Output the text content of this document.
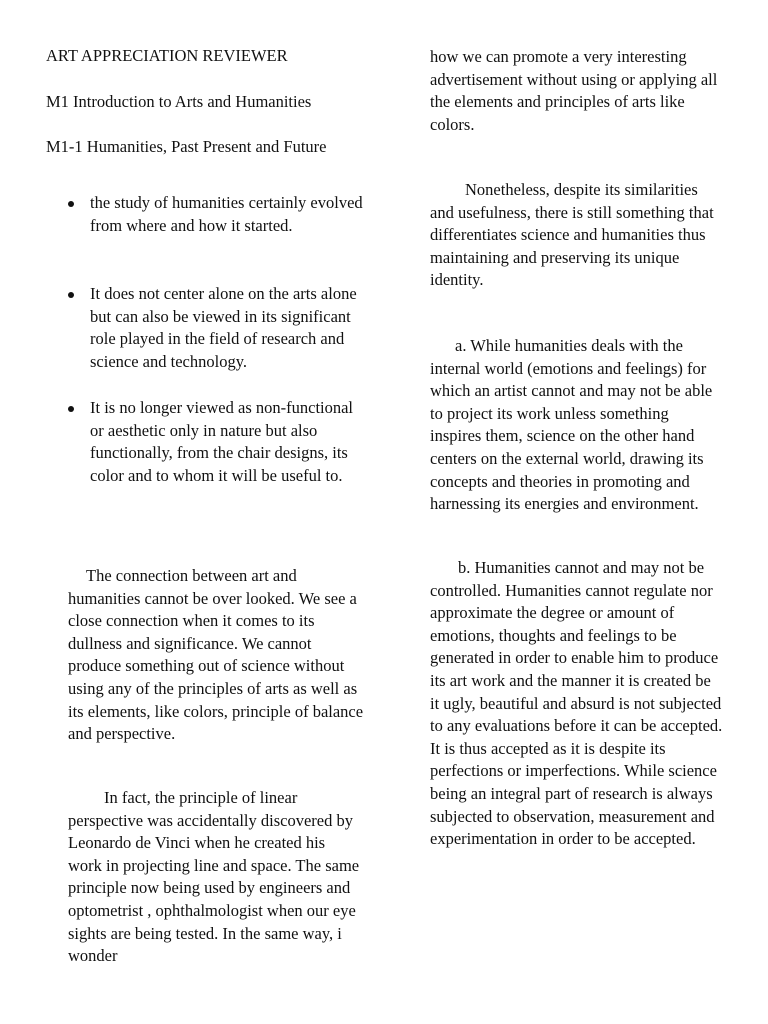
ART APPRECIATION REVIEWER
M1 Introduction to Arts and Humanities
M1-1 Humanities, Past Present and Future
the study of humanities certainly evolved from where and how it started.
It does not center alone on the arts alone but can also be viewed in its significant role played in the field of research and science and technology.
It is no longer viewed as non-functional or aesthetic only in nature but also functionally, from the chair designs, its color and to whom it will be useful to.

The connection between art and humanities cannot be over looked. We see a close connection when it comes to its dullness and significance. We cannot produce something out of science without using any of the principles of arts as well as its elements, like colors, principle of balance and perspective.

In fact, the principle of linear perspective was accidentally discovered by Leonardo de Vinci when he created his work in projecting line and space. The same principle now being used by engineers and optometrist , ophthalmologist when our eye sights are being tested. In the same way, i wonder

how we can promote a very interesting advertisement without using or applying all the elements and principles of arts like colors.

Nonetheless, despite its similarities and usefulness, there is still something that differentiates science and humanities thus maintaining and preserving its unique identity.

a. While humanities deals with the internal world (emotions and feelings) for which an artist cannot and may not be able to project its work unless something inspires them, science on the other hand centers on the external world, drawing its concepts and theories in promoting and harnessing its energies and environment.

b. Humanities cannot and may not be controlled. Humanities cannot regulate nor approximate the degree or amount of emotions, thoughts and feelings to be generated in order to enable him to produce its art work and the manner it is created be it ugly, beautiful and absurd is not subjected to any evaluations before it can be accepted. It is thus accepted as it is despite its perfections or imperfections. While science being an integral part of research is always subjected to observation, measurement and experimentation in order to be accepted.
